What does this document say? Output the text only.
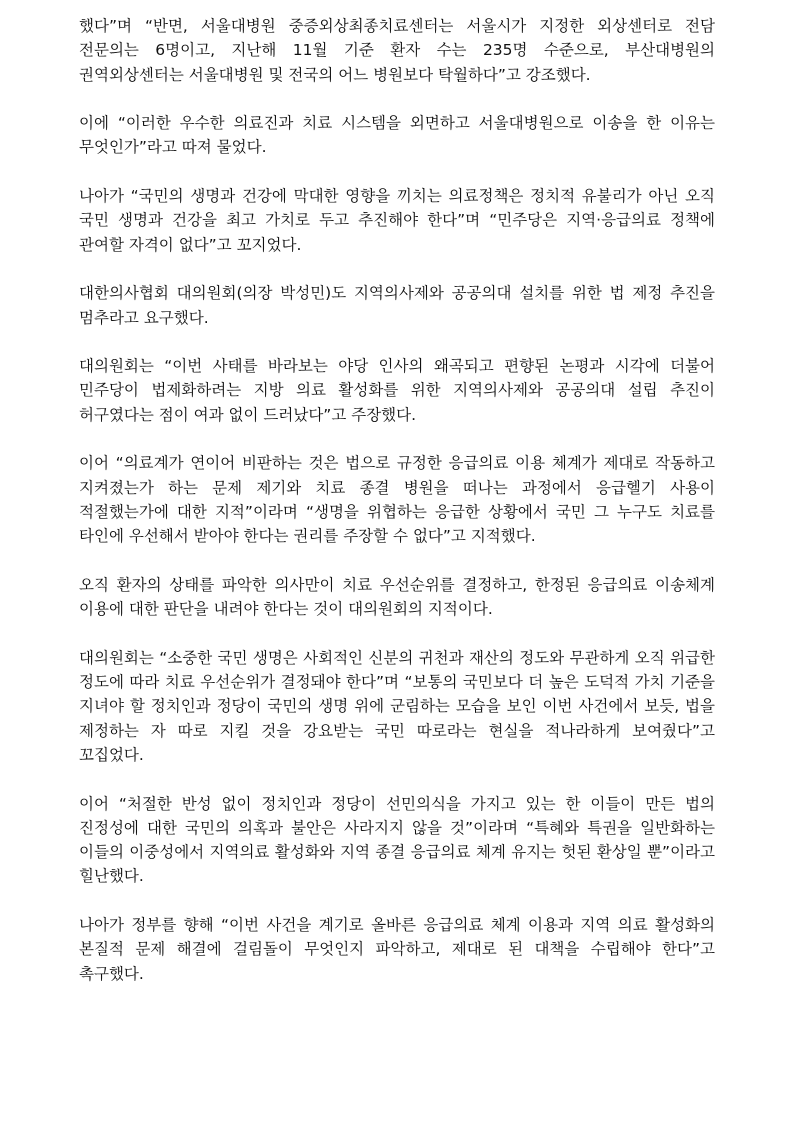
했다”며 “반면, 서울대병원 중증외상최종치료센터는 서울시가 지정한 외상센터로 전담 전문의는 6명이고, 지난해 11월 기준 환자 수는 235명 수준으로, 부산대병원의 권역외상센터는 서울대병원 및 전국의 어느 병원보다 탁월하다”고 강조했다.

이에 “이러한 우수한 의료진과 치료 시스템을 외면하고 서울대병원으로 이송을 한 이유는 무엇인가”라고 따져 물었다.

나아가 “국민의 생명과 건강에 막대한 영향을 끼치는 의료정책은 정치적 유불리가 아닌 오직 국민 생명과 건강을 최고 가치로 두고 추진해야 한다”며 “민주당은 지역·응급의료 정책에 관여할 자격이 없다”고 꼬지었다.

대한의사협회 대의원회(의장 박성민)도 지역의사제와 공공의대 설치를 위한 법 제정 추진을 멈추라고 요구했다.

대의원회는 “이번 사태를 바라보는 야당 인사의 왜곡되고 편향된 논평과 시각에 더불어 민주당이 법제화하려는 지방 의료 활성화를 위한 지역의사제와 공공의대 설립 추진이 허구였다는 점이 여과 없이 드러났다”고 주장했다.

이어 “의료계가 연이어 비판하는 것은 법으로 규정한 응급의료 이용 체계가 제대로 작동하고 지켜졌는가 하는 문제 제기와 치료 종결 병원을 떠나는 과정에서 응급헬기 사용이 적절했는가에 대한 지적”이라며 “생명을 위협하는 응급한 상황에서 국민 그 누구도 치료를 타인에 우선해서 받아야 한다는 권리를 주장할 수 없다”고 지적했다.

오직 환자의 상태를 파악한 의사만이 치료 우선순위를 결정하고, 한정된 응급의료 이송체계 이용에 대한 판단을 내려야 한다는 것이 대의원회의 지적이다.

대의원회는 “소중한 국민 생명은 사회적인 신분의 귀천과 재산의 정도와 무관하게 오직 위급한 정도에 따라 치료 우선순위가 결정돼야 한다”며 “보통의 국민보다 더 높은 도덕적 가치 기준을 지녀야 할 정치인과 정당이 국민의 생명 위에 군림하는 모습을 보인 이번 사건에서 보듯, 법을 제정하는 자 따로 지킬 것을 강요받는 국민 따로라는 현실을 적나라하게 보여줬다”고 꼬집었다.

이어 “처절한 반성 없이 정치인과 정당이 선민의식을 가지고 있는 한 이들이 만든 법의 진정성에 대한 국민의 의혹과 불안은 사라지지 않을 것”이라며 “특혜와 특권을 일반화하는 이들의 이중성에서 지역의료 활성화와 지역 종결 응급의료 체계 유지는 헛된 환상일 뿐”이라고 힐난했다.

나아가 정부를 향해 “이번 사건을 계기로 올바른 응급의료 체계 이용과 지역 의료 활성화의 본질적 문제 해결에 걸림돌이 무엇인지 파악하고, 제대로 된 대책을 수립해야 한다”고 촉구했다.
